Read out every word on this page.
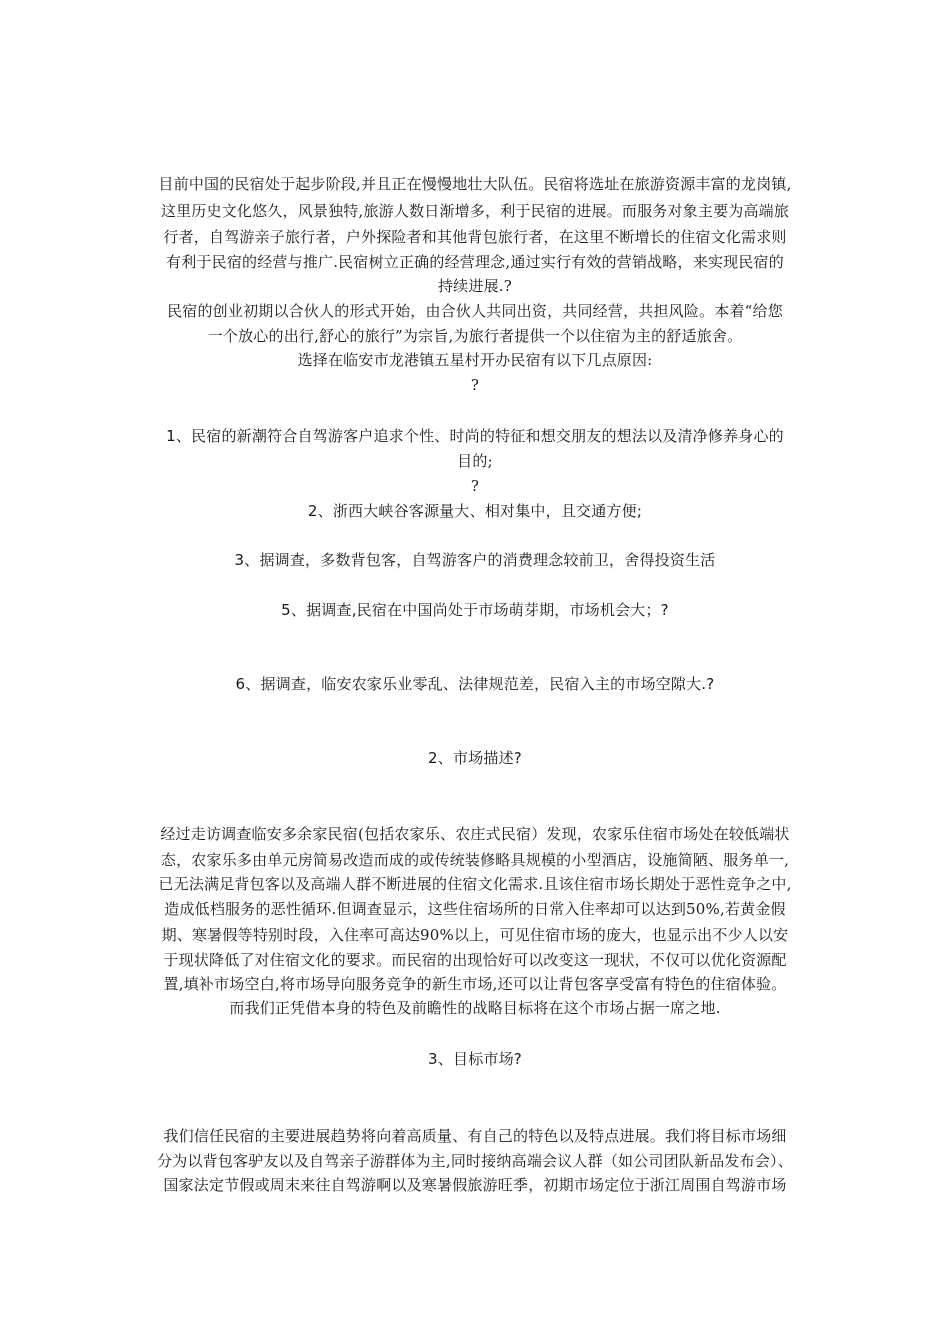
目前中国的民宿处于起步阶段,并且正在慢慢地壮大队伍。民宿将选址在旅游资源丰富的龙岗镇,
这里历史文化悠久，风景独特,旅游人数日渐增多，利于民宿的进展。而服务对象主要为高端旅
行者，自驾游亲子旅行者，户外探险者和其他背包旅行者，在这里不断增长的住宿文化需求则
有利于民宿的经营与推广.民宿树立正确的经营理念,通过实行有效的营销战略，来实现民宿的
持续进展.?
民宿的创业初期以合伙人的形式开始，由合伙人共同出资，共同经营，共担风险。本着“给您
一个放心的出行,舒心的旅行”为宗旨,为旅行者提供一个以住宿为主的舒适旅舍。
选择在临安市龙港镇五星村开办民宿有以下几点原因:
?
1、民宿的新潮符合自驾游客户追求个性、时尚的特征和想交朋友的想法以及清净修养身心的
目的;
?
2、浙西大峡谷客源量大、相对集中，且交通方便;
3、据调查，多数背包客，自驾游客户的消费理念较前卫，舍得投资生活
5、据调查,民宿在中国尚处于市场萌芽期，市场机会大；?
6、据调查，临安农家乐业零乱、法律规范差，民宿入主的市场空隙大.?
2、市场描述?
经过走访调查临安多余家民宿(包括农家乐、农庄式民宿）发现，农家乐住宿市场处在较低端状
态，农家乐多由单元房简易改造而成的或传统装修略具规模的小型酒店，设施简陋、服务单一,
已无法满足背包客以及高端人群不断进展的住宿文化需求.且该住宿市场长期处于恶性竞争之中,
造成低档服务的恶性循环.但调查显示，这些住宿场所的日常入住率却可以达到50%,若黄金假
期、寒暑假等特别时段，入住率可高达90%以上，可见住宿市场的庞大，也显示出不少人以安
于现状降低了对住宿文化的要求。而民宿的出现恰好可以改变这一现状，不仅可以优化资源配
置,填补市场空白,将市场导向服务竞争的新生市场,还可以让背包客享受富有特色的住宿体验。
而我们正凭借本身的特色及前瞻性的战略目标将在这个市场占据一席之地.
3、目标市场?
我们信任民宿的主要进展趋势将向着高质量、有自己的特色以及特点进展。我们将目标市场细
分为以背包客驴友以及自驾亲子游群体为主,同时接纳高端会议人群（如公司团队新品发布会）、
国家法定节假或周末来往自驾游啊以及寒暑假旅游旺季，初期市场定位于浙江周围自驾游市场
